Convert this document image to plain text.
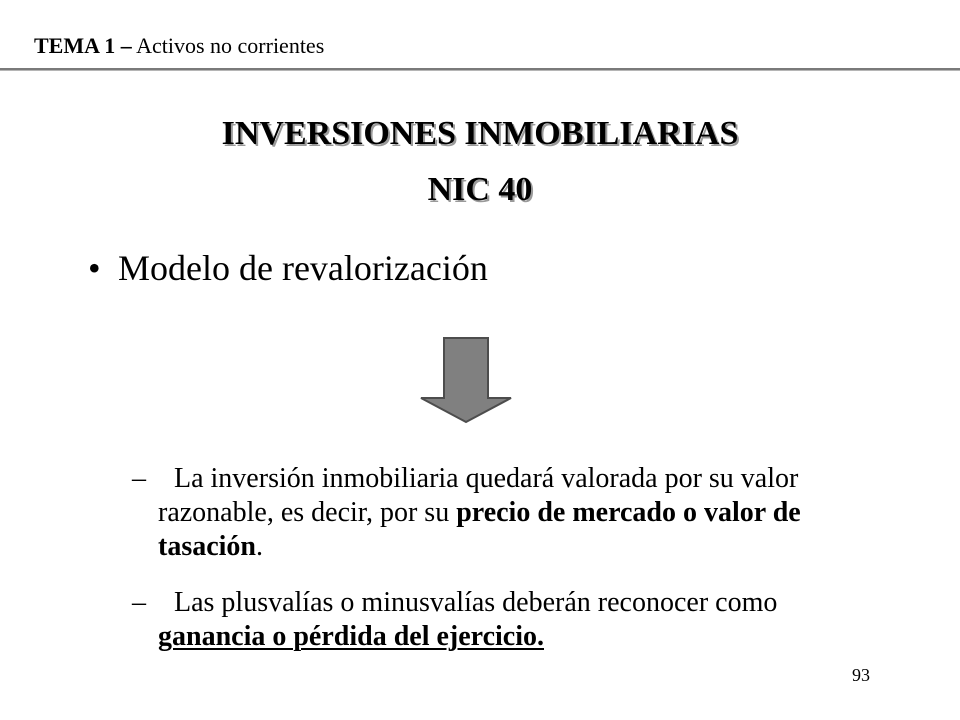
TEMA 1 – Activos no corrientes
INVERSIONES INMOBILIARIAS
NIC 40
• Modelo de revalorización
–	La inversión inmobiliaria quedará valorada por su valor razonable, es decir, por su precio de mercado o valor de tasación.
–	Las plusvalías o minusvalías deberán reconocer como ganancia o pérdida del ejercicio.
93
